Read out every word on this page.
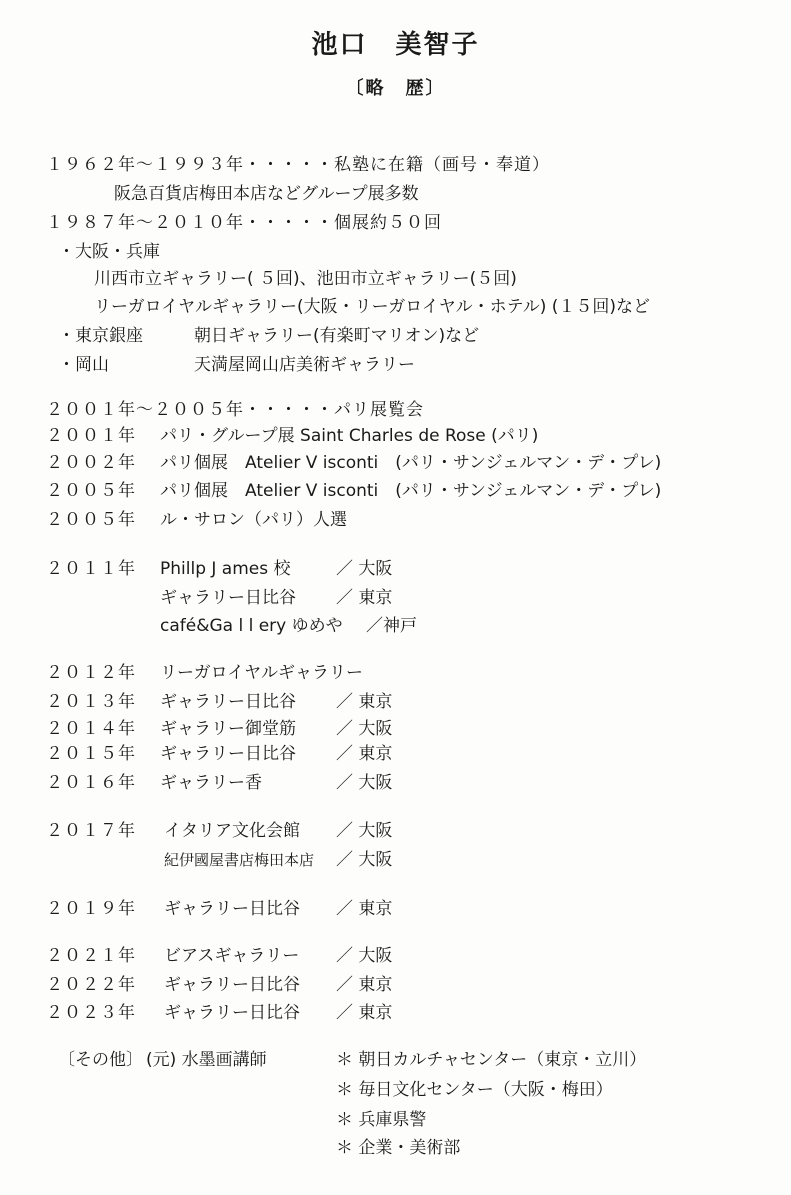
池口　美智子
〔略　歴〕
１９６２年～１９９３年・・・・・私塾に在籍（画号・奉道）
阪急百貨店梅田本店などグループ展多数
１９８７年～２０１０年・・・・・個展約５０回
・大阪・兵庫
川西市立ギャラリー( ５回)、池田市立ギャラリー(５回)
リーガロイヤルギャラリー(大阪・リーガロイヤル・ホテル) (１５回)など
・東京銀座	朝日ギャラリー(有楽町マリオン)など
・岡山	天満屋岡山店美術ギャラリー
２００１年～２００５年・・・・・パリ展覧会
２００１年 パリ・グループ展 Saint Charles de Rose (パリ)
２００２年 パリ個展　Atelier V isconti　(パリ・サンジェルマン・デ・プレ)
２００５年 パリ個展　Atelier V isconti　(パリ・サンジェルマン・デ・プレ)
２００５年 ル・サロン（パリ）人選
２０１１年 Phillp J ames 校	／ 大阪
ギャラリー日比谷 ／ 東京
café&Ga l l ery ゆめや ／神戸
２０１２年 リーガロイヤルギャラリー
２０１３年 ギャラリー日比谷 ／ 東京
２０１４年 ギャラリー御堂筋 ／ 大阪
２０１５年 ギャラリー日比谷 ／ 東京
２０１６年 ギャラリー香	／ 大阪
２０１７年 イタリア文化会館 ／ 大阪
紀伊國屋書店梅田本店 ／ 大阪
２０１９年 ギャラリー日比谷 ／ 東京
２０２１年 ビアスギャラリー ／ 大阪
２０２２年 ギャラリー日比谷 ／ 東京
２０２３年 ギャラリー日比谷 ／ 東京
〔その他〕 (元) 水墨画講師	＊ 朝日カルチャセンター（東京・立川）
＊ 毎日文化センター（大阪・梅田）
＊ 兵庫県警
＊ 企業・美術部
